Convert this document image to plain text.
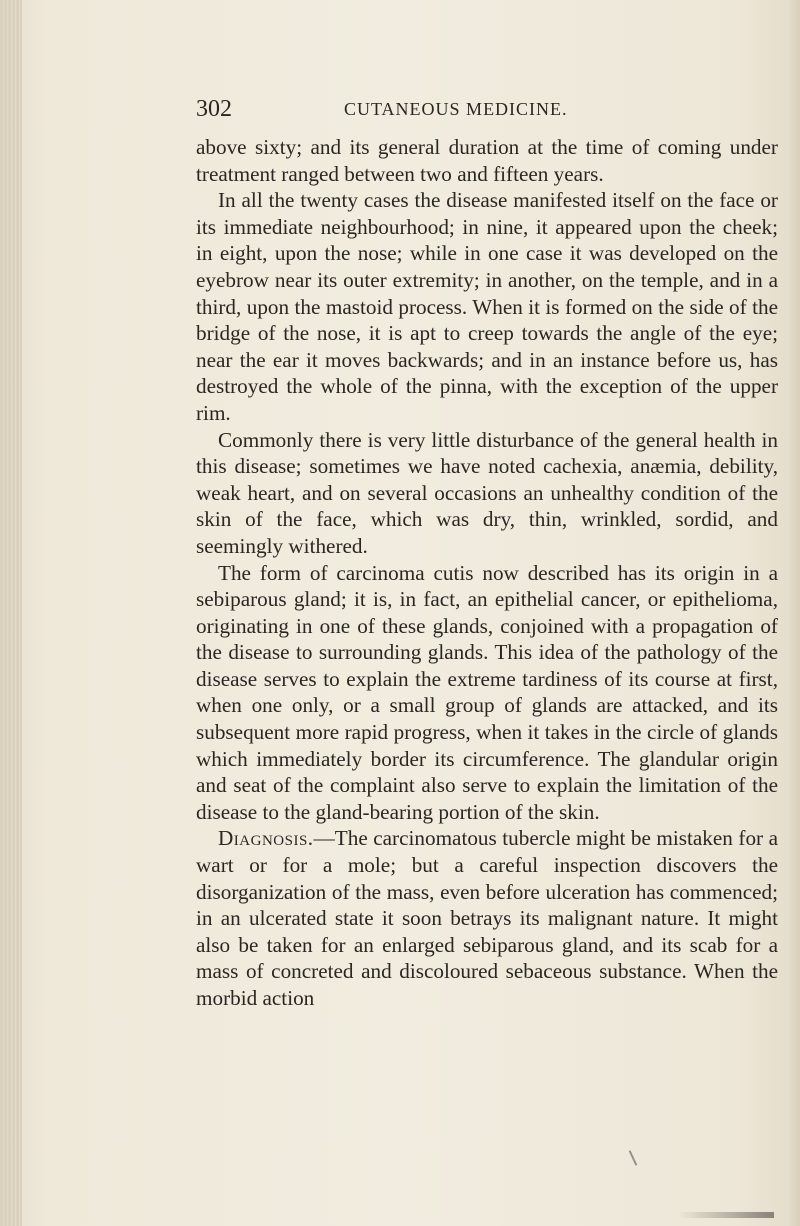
302	CUTANEOUS MEDICINE.

above sixty; and its general duration at the time of coming under treatment ranged between two and fifteen years.

In all the twenty cases the disease manifested itself on the face or its immediate neighbourhood; in nine, it appeared upon the cheek; in eight, upon the nose; while in one case it was developed on the eyebrow near its outer extremity; in another, on the temple, and in a third, upon the mastoid process. When it is formed on the side of the bridge of the nose, it is apt to creep towards the angle of the eye; near the ear it moves backwards; and in an instance before us, has destroyed the whole of the pinna, with the exception of the upper rim.

Commonly there is very little disturbance of the general health in this disease; sometimes we have noted cachexia, anæmia, debility, weak heart, and on several occasions an unhealthy condition of the skin of the face, which was dry, thin, wrinkled, sordid, and seemingly withered.

The form of carcinoma cutis now described has its origin in a sebiparous gland; it is, in fact, an epithelial cancer, or epithelioma, originating in one of these glands, conjoined with a propagation of the disease to surrounding glands. This idea of the pathology of the disease serves to explain the extreme tardiness of its course at first, when one only, or a small group of glands are attacked, and its subsequent more rapid progress, when it takes in the circle of glands which immediately border its circumference. The glandular origin and seat of the complaint also serve to explain the limitation of the disease to the gland-bearing portion of the skin.

Diagnosis.—The carcinomatous tubercle might be mistaken for a wart or for a mole; but a careful inspection discovers the disorganization of the mass, even before ulceration has commenced; in an ulcerated state it soon betrays its malignant nature. It might also be taken for an enlarged sebiparous gland, and its scab for a mass of concreted and discoloured sebaceous substance. When the morbid action
